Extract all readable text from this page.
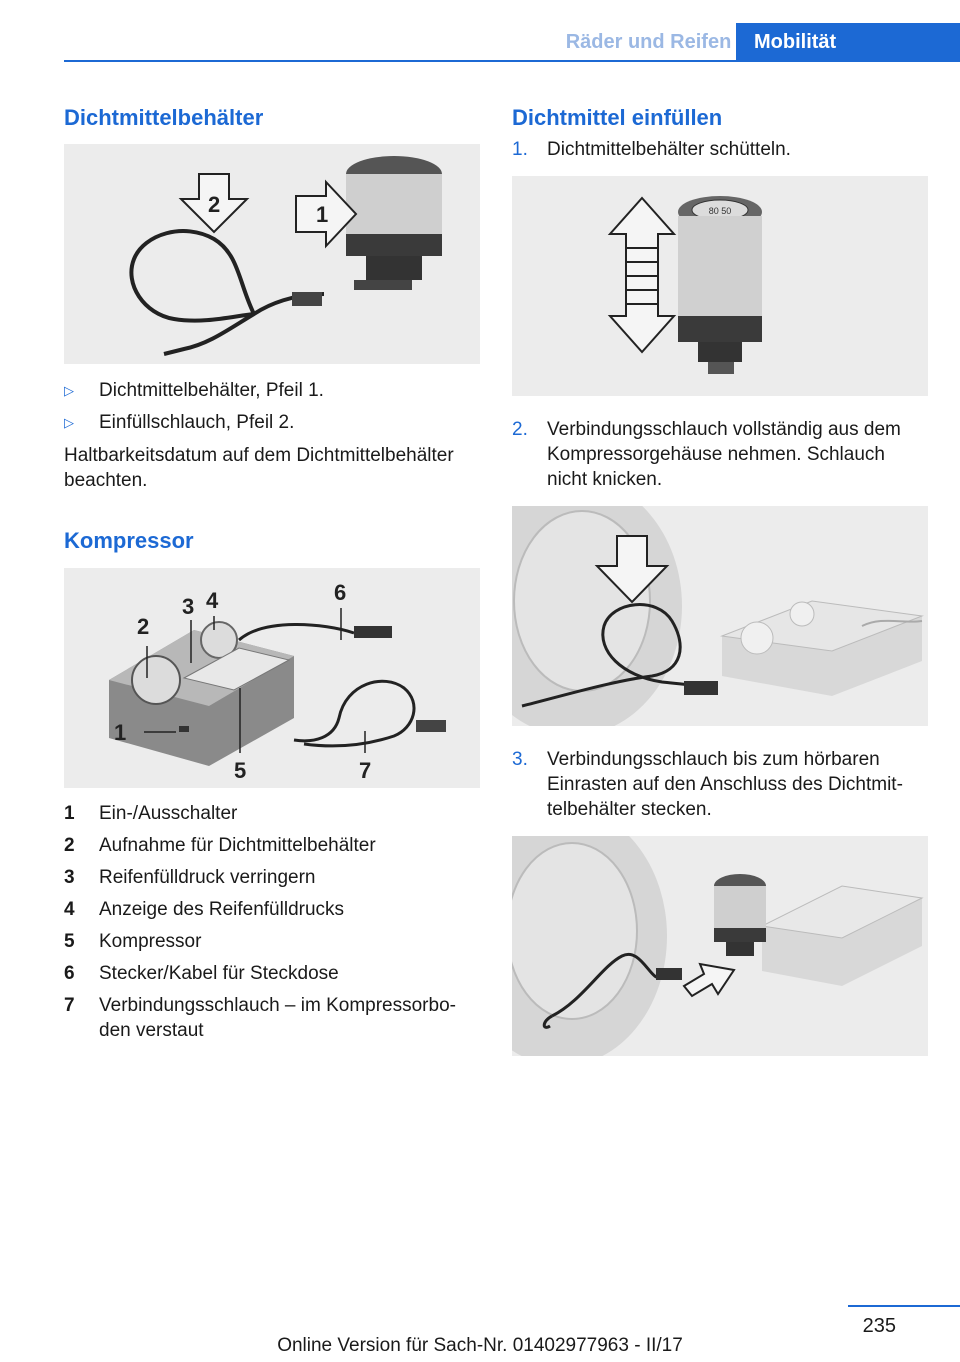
Räder und Reifen	Mobilität
Dichtmittelbehälter
2	1
▷ Dichtmittelbehälter, Pfeil 1.
▷ Einfüllschlauch, Pfeil 2.
Haltbarkeitsdatum auf dem Dichtmittelbehälter beachten.
Kompressor
1
2
3 4
5
6
7
1 Ein-/Ausschalter
2 Aufnahme für Dichtmittelbehälter
3 Reifenfülldruck verringern
4 Anzeige des Reifenfülldrucks
5 Kompressor
6 Stecker/Kabel für Steckdose
7 Verbindungsschlauch – im Kompressorbo-den verstaut
Dichtmittel einfüllen
1. Dichtmittelbehälter schütteln.
80 50
2. Verbindungsschlauch vollständig aus dem Kompressorgehäuse nehmen. Schlauch nicht knicken.
3. Verbindungsschlauch bis zum hörbaren Einrasten auf den Anschluss des Dichtmit-telbehälter stecken.
235
Online Version für Sach-Nr. 01402977963 - II/17
